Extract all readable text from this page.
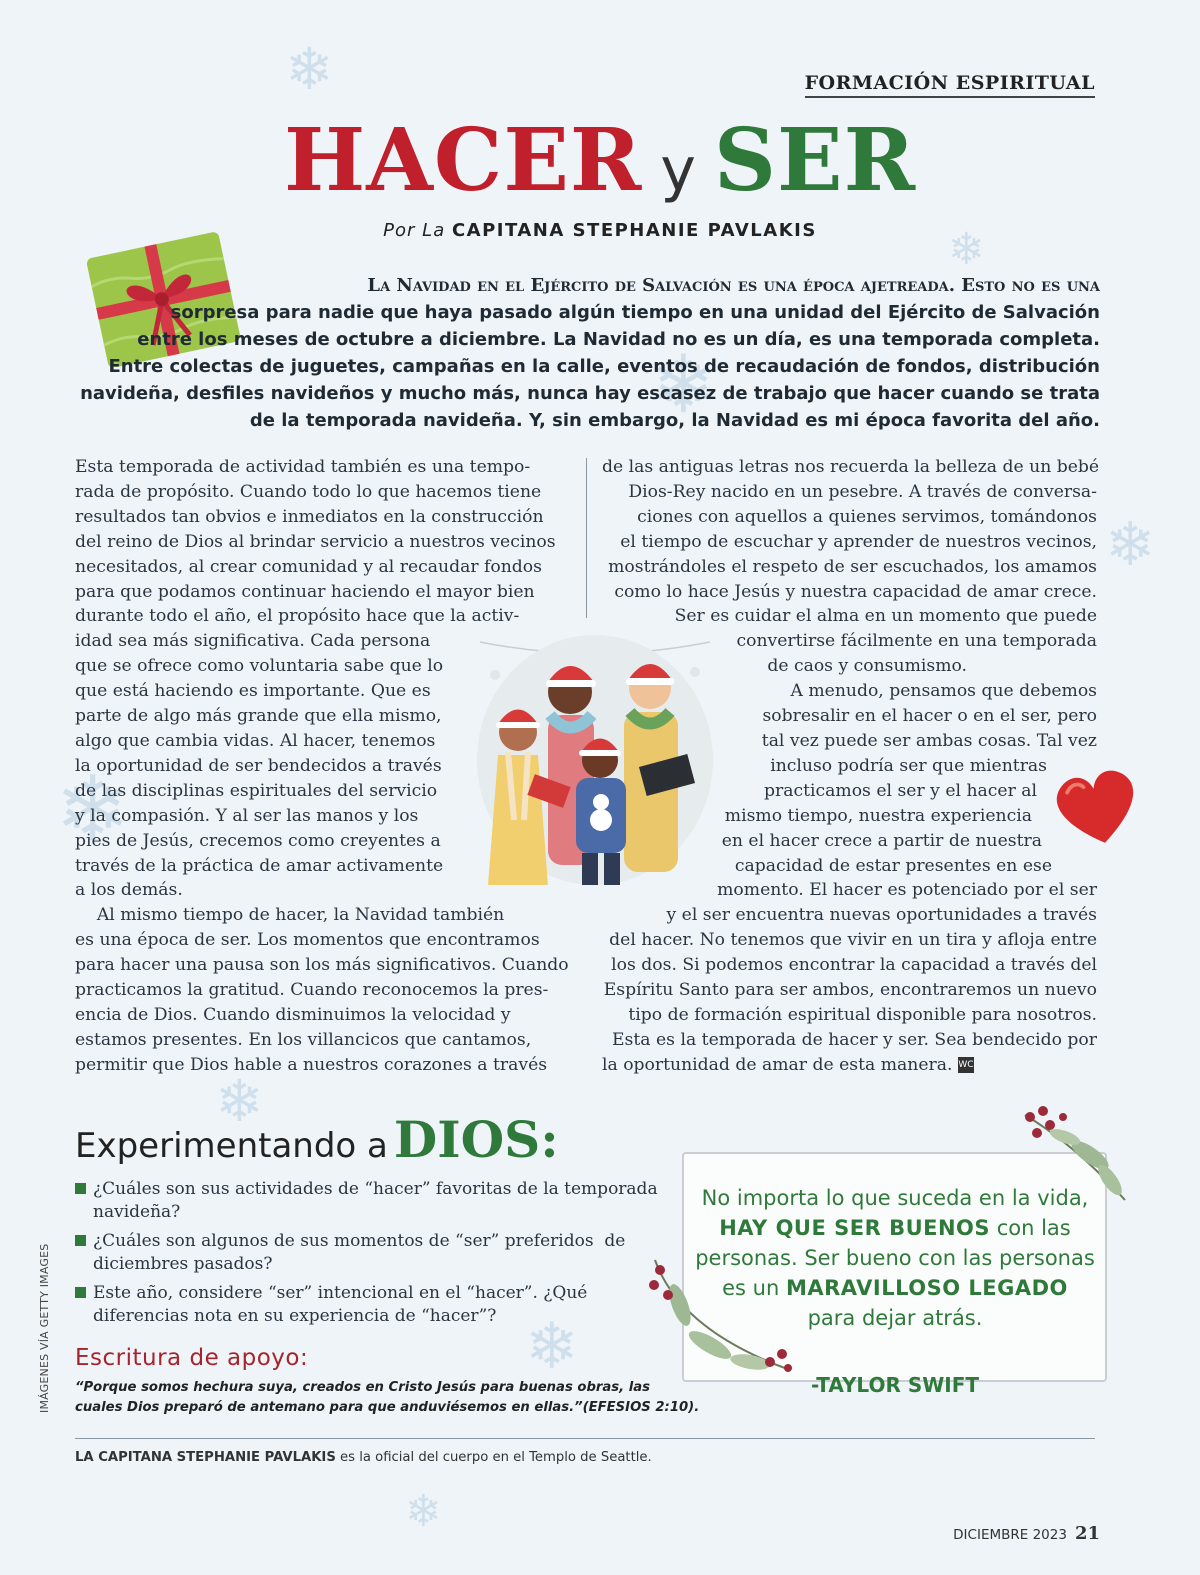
❄
❄
❄
❄
❄
❄
❄
❄
FORMACIÓN ESPIRITUAL
HACER y SER
Por La CAPITANA STEPHANIE PAVLAKIS
La Navidad en el Ejército de Salvación es una época ajetreada. Esto no es una
sorpresa para nadie que haya pasado algún tiempo en una unidad del Ejército de Salvación
entre los meses de octubre a diciembre. La Navidad no es un día, es una temporada completa.
Entre colectas de juguetes, campañas en la calle, eventos de recaudación de fondos, distribución
navideña, desfiles navideños y mucho más, nunca hay escasez de trabajo que hacer cuando se trata
de la temporada navideña. Y, sin embargo, la Navidad es mi época favorita del año.
Esta temporada de actividad también es una tempo-
rada de propósito. Cuando todo lo que hacemos tiene
resultados tan obvios e inmediatos en la construcción
del reino de Dios al brindar servicio a nuestros vecinos
necesitados, al crear comunidad y al recaudar fondos
para que podamos continuar haciendo el mayor bien
durante todo el año, el propósito hace que la activ-
idad sea más significativa. Cada persona
que se ofrece como voluntaria sabe que lo
que está haciendo es importante. Que es
parte de algo más grande que ella mismo,
algo que cambia vidas. Al hacer, tenemos
la oportunidad de ser bendecidos a través
de las disciplinas espirituales del servicio
y la compasión. Y al ser las manos y los
pies de Jesús, crecemos como creyentes a
través de la práctica de amar activamente
a los demás.
Al mismo tiempo de hacer, la Navidad también
es una época de ser. Los momentos que encontramos
para hacer una pausa son los más significativos. Cuando
practicamos la gratitud. Cuando reconocemos la pres-
encia de Dios. Cuando disminuimos la velocidad y
estamos presentes. En los villancicos que cantamos,
permitir que Dios hable a nuestros corazones a través
de las antiguas letras nos recuerda la belleza de un bebé
Dios-Rey nacido en un pesebre. A través de conversa-
ciones con aquellos a quienes servimos, tomándonos
el tiempo de escuchar y aprender de nuestros vecinos,
mostrándoles el respeto de ser escuchados, los amamos
como lo hace Jesús y nuestra capacidad de amar crece.
Ser es cuidar el alma en un momento que puede
convertirse fácilmente en una temporada
de caos y consumismo.
A menudo, pensamos que debemos
sobresalir en el hacer o en el ser, pero
tal vez puede ser ambas cosas. Tal vez
incluso podría ser que mientras
practicamos el ser y el hacer al
mismo tiempo, nuestra experiencia
en el hacer crece a partir de nuestra
capacidad de estar presentes en ese
momento. El hacer es potenciado por el ser
y el ser encuentra nuevas oportunidades a través
del hacer. No tenemos que vivir en un tira y afloja entre
los dos. Si podemos encontrar la capacidad a través del
Espíritu Santo para ser ambos, encontraremos un nuevo
tipo de formación espiritual disponible para nosotros.
Esta es la temporada de hacer y ser. Sea bendecido por
la oportunidad de amar de esta manera. WC
Experimentando a DIOS:
¿Cuáles son sus actividades de “hacer” favoritas de la temporada
navideña?
¿Cuáles son algunos de sus momentos de “ser” preferidos  de
diciembres pasados?
Este año, considere “ser” intencional en el “hacer”. ¿Qué
diferencias nota en su experiencia de “hacer”?
Escritura de apoyo:
“Porque somos hechura suya, creados en Cristo Jesús para buenas obras, las
cuales Dios preparó de antemano para que anduviésemos en ellas.”(EFESIOS 2:10).
IMÁGENES VÍA GETTY IMAGES
No importa lo que suceda en la vida,
HAY QUE SER BUENOS con las
personas. Ser bueno con las personas
es un MARAVILLOSO LEGADO
para dejar atrás.
-TAYLOR SWIFT
LA CAPITANA STEPHANIE PAVLAKIS es la oficial del cuerpo en el Templo de Seattle.
DICIEMBRE 2023 21
